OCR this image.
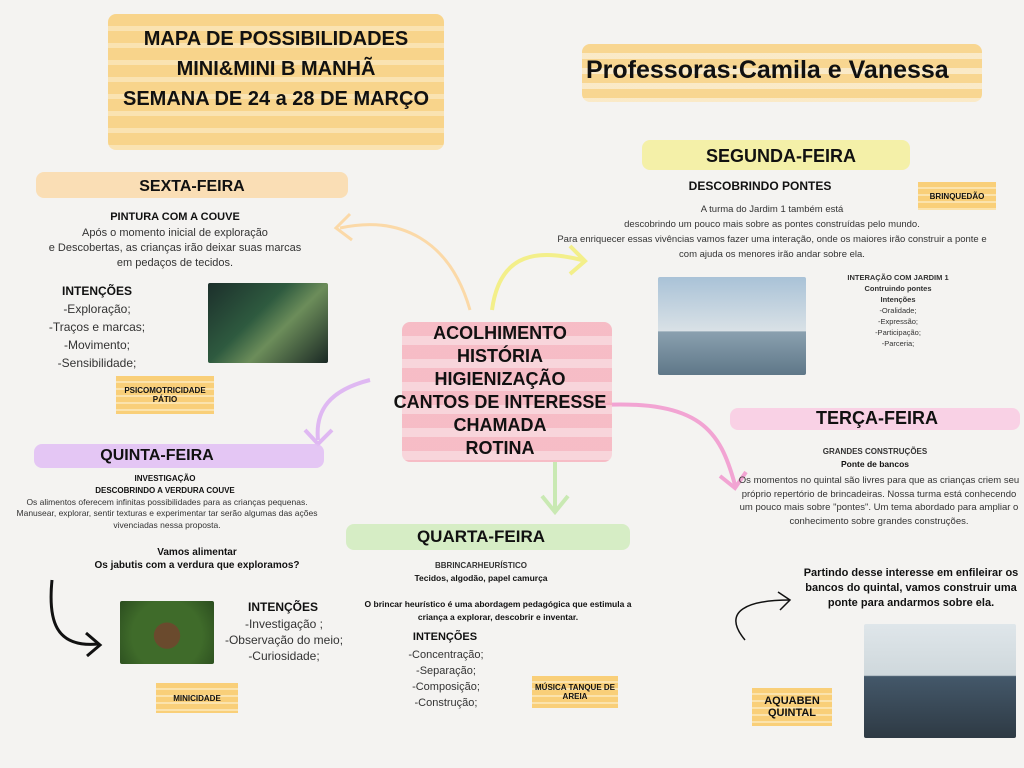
MAPA DE POSSIBILIDADES
MINI&MINI B MANHÃ
SEMANA DE 24 a 28 DE MARÇO
Professoras:Camila e Vanessa
ACOLHIMENTO
HISTÓRIA
HIGIENIZAÇÃO
CANTOS DE INTERESSE
CHAMADA
ROTINA
SEXTA-FEIRA
PINTURA COM A COUVE
Após o momento inicial de exploração
e Descobertas, as crianças irão deixar suas marcas
em pedaços de tecidos.
INTENÇÕES
-Exploração;
-Traços e marcas;
-Movimento;
-Sensibilidade;
PSICOMOTRICIDADE PÁTIO
QUINTA-FEIRA
INVESTIGAÇÃO
DESCOBRINDO A VERDURA COUVE
Os alimentos oferecem infinitas possibilidades para as crianças pequenas. Manusear, explorar, sentir texturas e experimentar tar serão algumas das ações vivenciadas nessa proposta.
Vamos alimentar
Os jabutis com a verdura que exploramos?
INTENÇÕES
-Investigação ;
-Observação do meio;
-Curiosidade;
MINICIDADE
QUARTA-FEIRA
BBRINCARHEURÍSTICO
Tecidos, algodão, papel camurça
O brincar heurístico é uma abordagem pedagógica que estimula a criança a explorar, descobrir e inventar.
INTENÇÕES
-Concentração;
-Separação;
-Composição;
-Construção;
MÚSICA TANQUE DE AREIA
SEGUNDA-FEIRA
DESCOBRINDO PONTES
BRINQUEDÃO
A turma do Jardim 1 também está
descobrindo um pouco mais sobre as pontes construídas pelo mundo.
Para enriquecer essas vivências vamos fazer uma interação, onde os maiores irão construir a ponte e
com ajuda os menores irão andar sobre ela.
INTERAÇÃO COM JARDIM 1
Contruindo pontes
Intenções
-Oralidade;
-Expressão;
-Participação;
-Parceria;
TERÇA-FEIRA
GRANDES CONSTRUÇÕES
Ponte de bancos
Os momentos no quintal são livres para que as crianças criem seu próprio repertório de brincadeiras. Nossa turma está conhecendo um pouco mais sobre "pontes". Um tema abordado para ampliar o conhecimento sobre grandes construções.
Partindo desse interesse em enfileirar os bancos do quintal, vamos construir uma ponte para andarmos sobre ela.
AQUABEN QUINTAL
